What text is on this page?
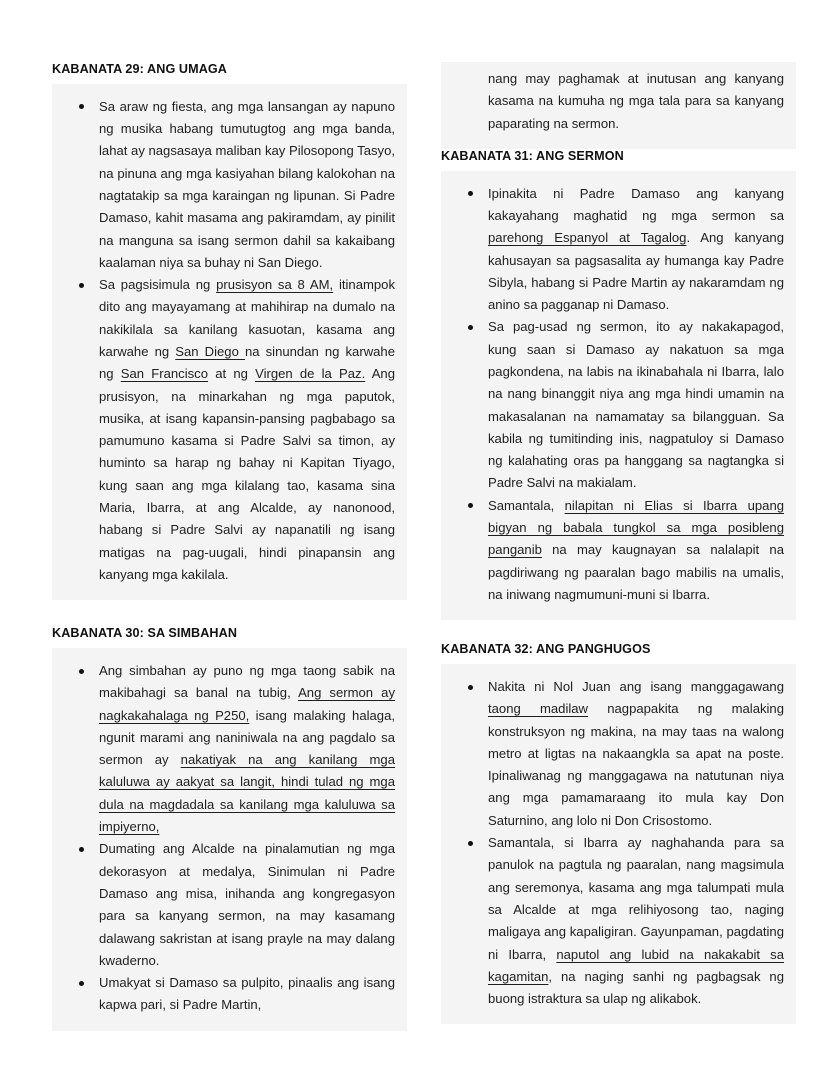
KABANATA 29: ANG UMAGA

Sa araw ng fiesta, ang mga lansangan ay napuno ng musika habang tumutugtog ang mga banda, lahat ay nagsasaya maliban kay Pilosopong Tasyo, na pinuna ang mga kasiyahan bilang kalokohan na nagtatakip sa mga karaingan ng lipunan. Si Padre Damaso, kahit masama ang pakiramdam, ay pinilit na manguna sa isang sermon dahil sa kakaibang kaalaman niya sa buhay ni San Diego.

Sa pagsisimula ng prusisyon sa 8 AM, itinampok dito ang mayayamang at mahihirap na dumalo na nakikilala sa kanilang kasuotan, kasama ang karwahe ng San Diego na sinundan ng karwahe ng San Francisco at ng Virgen de la Paz. Ang prusisyon, na minarkahan ng mga paputok, musika, at isang kapansin-pansing pagbabago sa pamumuno kasama si Padre Salvi sa timon, ay huminto sa harap ng bahay ni Kapitan Tiyago, kung saan ang mga kilalang tao, kasama sina Maria, Ibarra, at ang Alcalde, ay nanonood, habang si Padre Salvi ay napanatili ng isang matigas na pag-uugali, hindi pinapansin ang kanyang mga kakilala.

KABANATA 30: SA SIMBAHAN

Ang simbahan ay puno ng mga taong sabik na makibahagi sa banal na tubig, Ang sermon ay nagkakahalaga ng P250, isang malaking halaga, ngunit marami ang naniniwala na ang pagdalo sa sermon ay nakatiyak na ang kanilang mga kaluluwa ay aakyat sa langit, hindi tulad ng mga dula na magdadala sa kanilang mga kaluluwa sa impiyerno,

Dumating ang Alcalde na pinalamutian ng mga dekorasyon at medalya, Sinimulan ni Padre Damaso ang misa, inihanda ang kongregasyon para sa kanyang sermon, na may kasamang dalawang sakristan at isang prayle na may dalang kwaderno.

Umakyat si Damaso sa pulpito, pinaalis ang isang kapwa pari, si Padre Martin,

nang may paghamak at inutusan ang kanyang kasama na kumuha ng mga tala para sa kanyang paparating na sermon.

KABANATA 31: ANG SERMON

Ipinakita ni Padre Damaso ang kanyang kakayahang maghatid ng mga sermon sa parehong Espanyol at Tagalog. Ang kanyang kahusayan sa pagsasalita ay humanga kay Padre Sibyla, habang si Padre Martin ay nakaramdam ng anino sa pagganap ni Damaso.

Sa pag-usad ng sermon, ito ay nakakapagod, kung saan si Damaso ay nakatuon sa mga pagkondena, na labis na ikinabahala ni Ibarra, lalo na nang binanggit niya ang mga hindi umamin na makasalanan na namamatay sa bilangguan. Sa kabila ng tumitinding inis, nagpatuloy si Damaso ng kalahating oras pa hanggang sa nagtangka si Padre Salvi na makialam.

Samantala, nilapitan ni Elias si Ibarra upang bigyan ng babala tungkol sa mga posibleng panganib na may kaugnayan sa nalalapit na pagdiriwang ng paaralan bago mabilis na umalis, na iniwang nagmumuni-muni si Ibarra.

KABANATA 32: ANG PANGHUGOS

Nakita ni Nol Juan ang isang manggagawang taong madilaw nagpapakita ng malaking konstruksyon ng makina, na may taas na walong metro at ligtas na nakaangkla sa apat na poste. Ipinaliwanag ng manggagawa na natutunan niya ang mga pamamaraang ito mula kay Don Saturnino, ang lolo ni Don Crisostomo.

Samantala, si Ibarra ay naghahanda para sa panulok na pagtula ng paaralan, nang magsimula ang seremonya, kasama ang mga talumpati mula sa Alcalde at mga relihiyosong tao, naging maligaya ang kapaligiran. Gayunpaman, pagdating ni Ibarra, naputol ang lubid na nakakabit sa kagamitan, na naging sanhi ng pagbagsak ng buong istraktura sa ulap ng alikabok.
